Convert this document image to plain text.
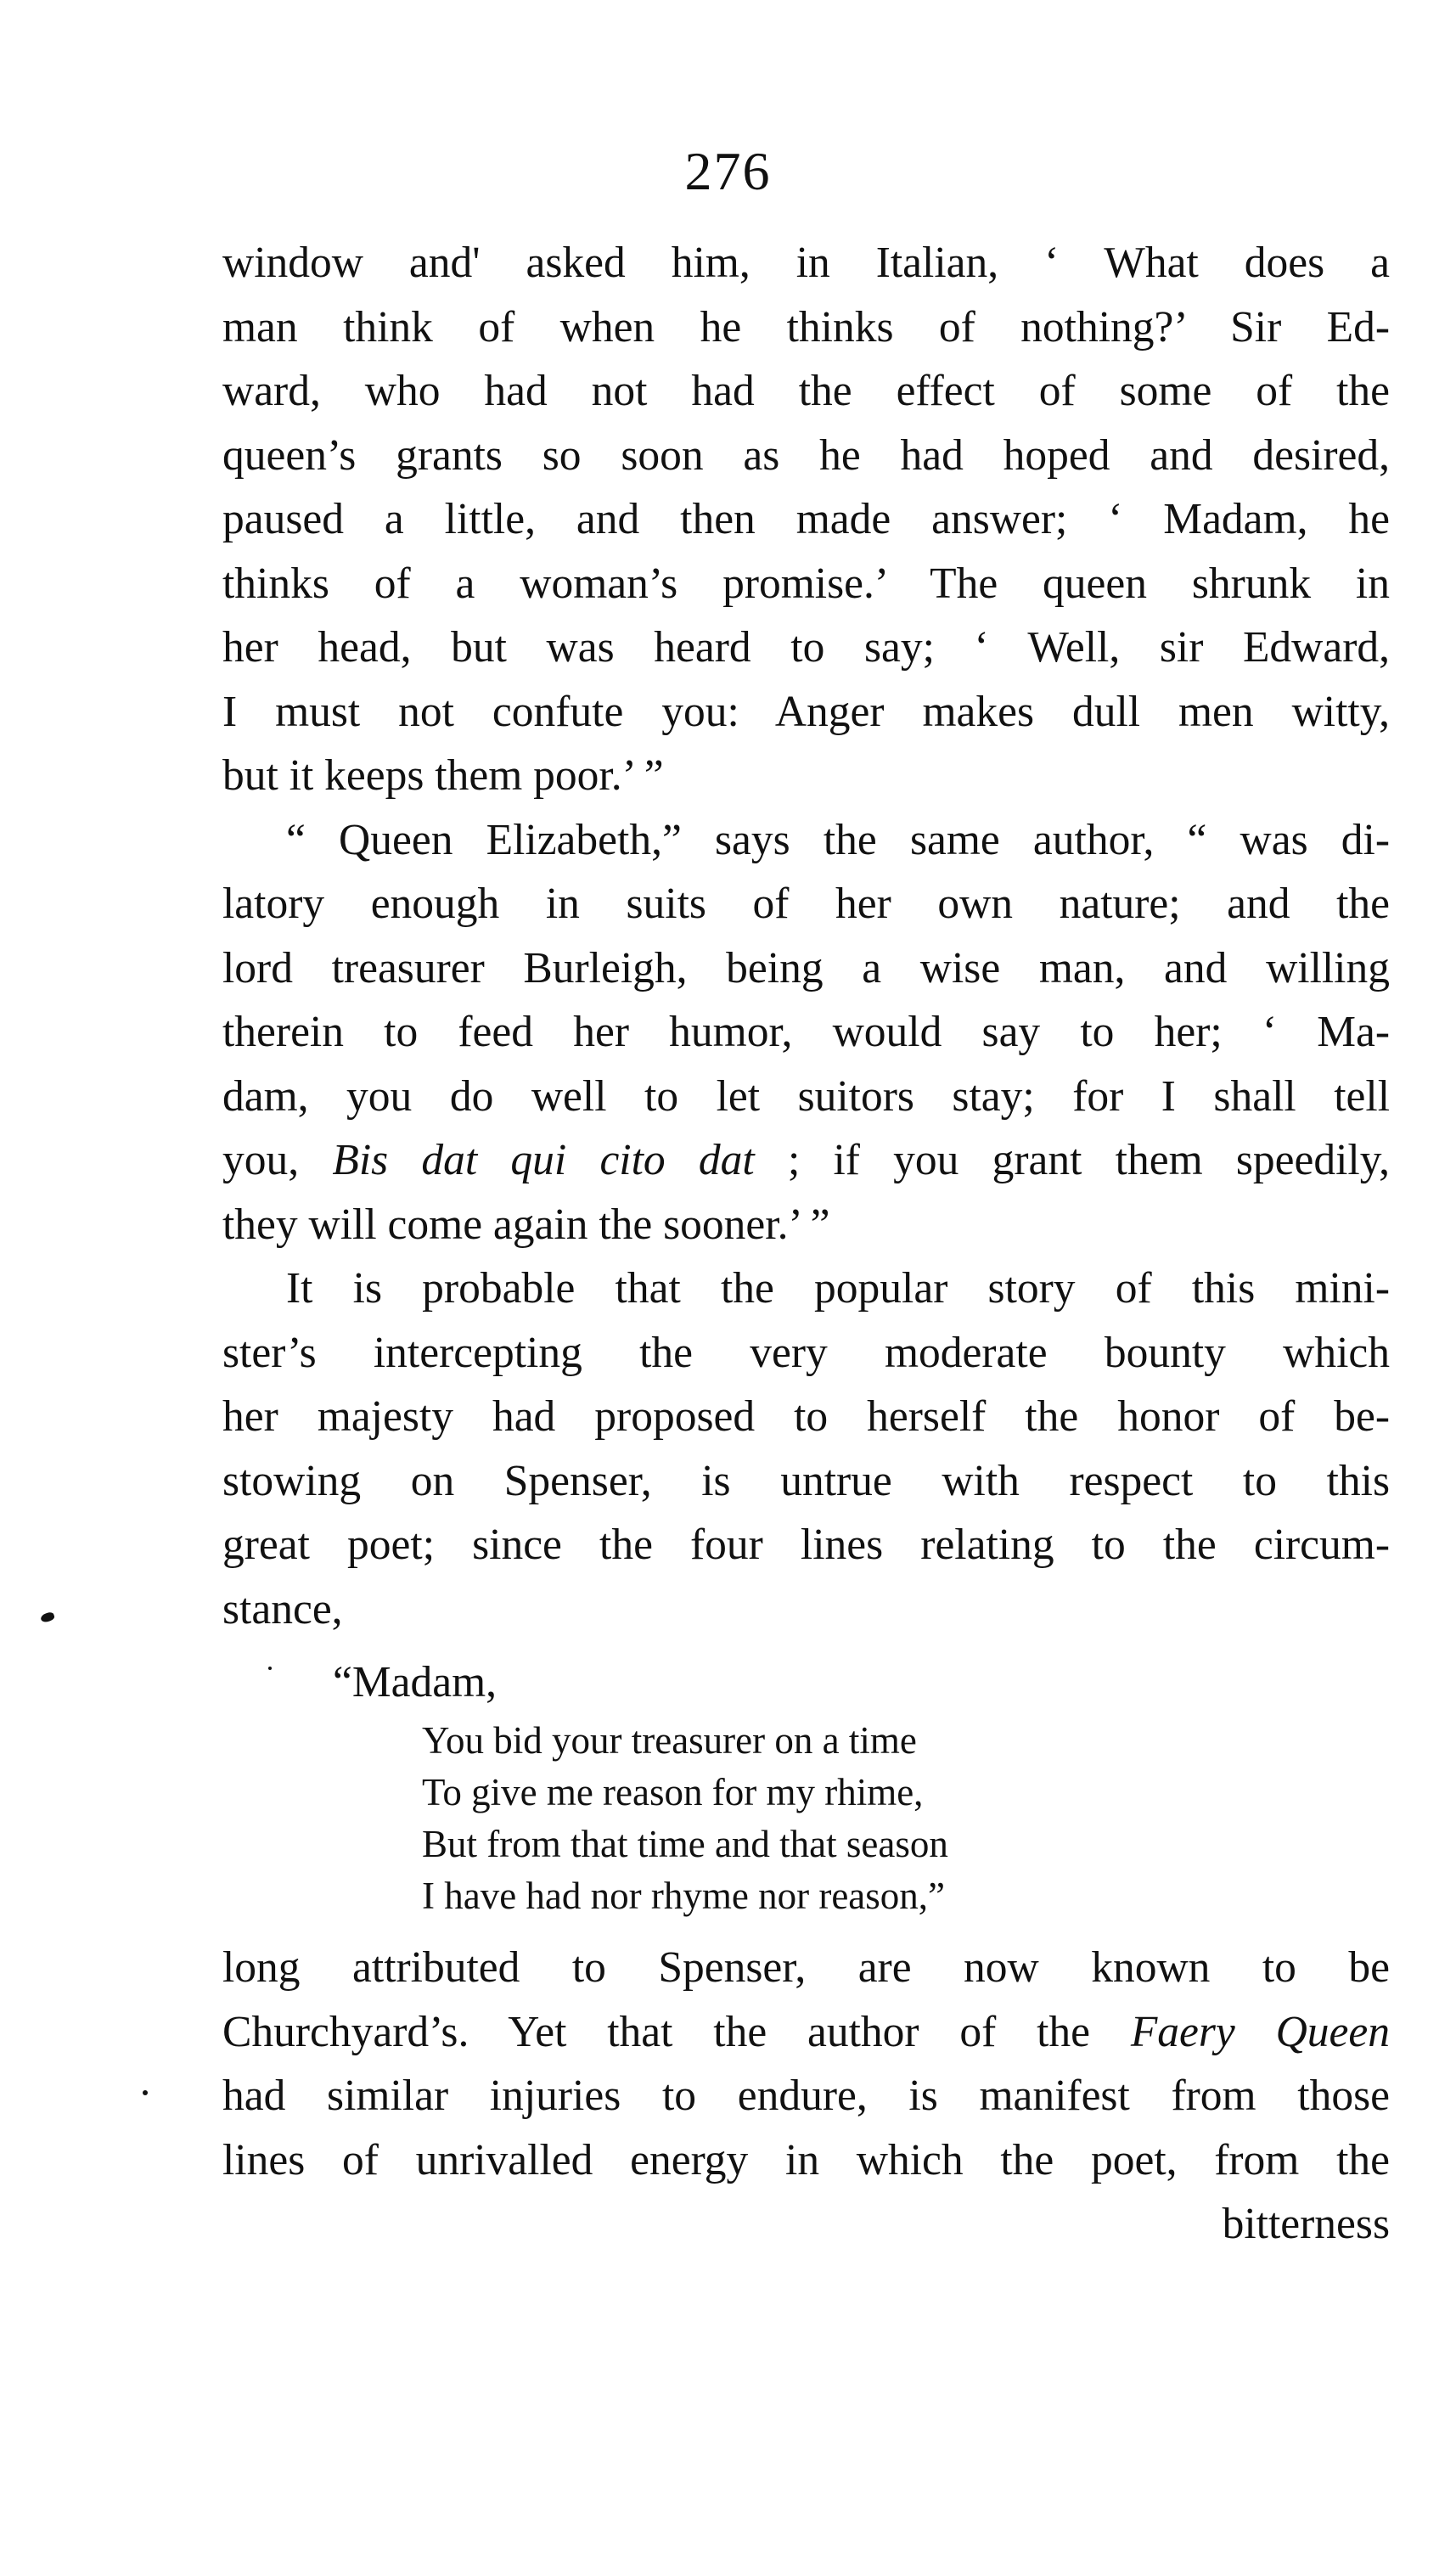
276
window and' asked him, in Italian, ‘ What does a
man think of when he thinks of nothing?’ Sir Ed-
ward, who had not had the effect of some of the
queen’s grants so soon as he had hoped and desired,
paused a little, and then made answer; ‘ Madam, he
thinks of a woman’s promise.’ The queen shrunk in
her head, but was heard to say; ‘ Well, sir Edward,
I must not confute you: Anger makes dull men witty,
but it keeps them poor.’ ”
“ Queen Elizabeth,” says the same author, “ was di-
latory enough in suits of her own nature; and the
lord treasurer Burleigh, being a wise man, and willing
therein to feed her humor, would say to her; ‘ Ma-
dam, you do well to let suitors stay; for I shall tell
you, Bis dat qui cito dat ; if you grant them speedily,
they will come again the sooner.’ ”
It is probable that the popular story of this mini-
ster’s intercepting the very moderate bounty which
her majesty had proposed to herself the honor of be-
stowing on Spenser, is untrue with respect to this
great poet; since the four lines relating to the circum-
stance,
“Madam,
You bid your treasurer on a time
To give me reason for my rhime,
But from that time and that season
I have had nor rhyme nor reason,”
long attributed to Spenser, are now known to be
Churchyard’s. Yet that the author of the Faery Queen
had similar injuries to endure, is manifest from those
lines of unrivalled energy in which the poet, from the
bitterness
